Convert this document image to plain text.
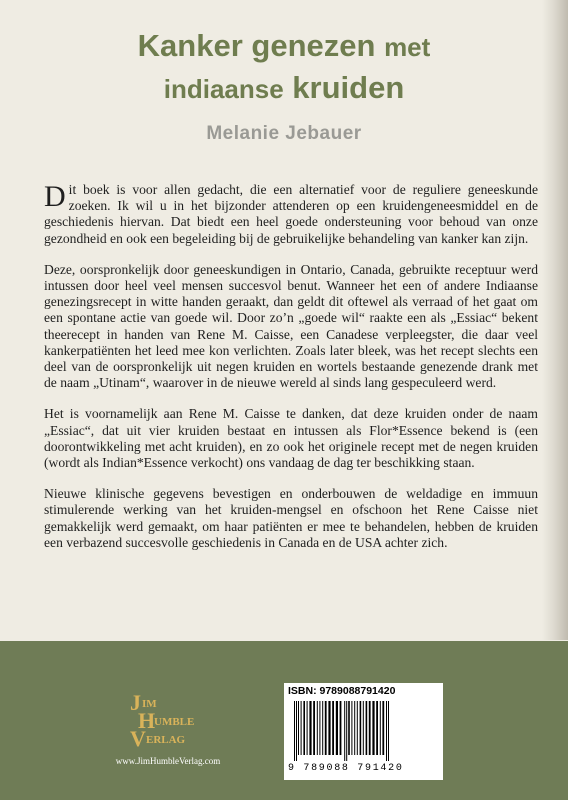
Kanker genezen met
indiaanse kruiden
Melanie Jebauer

Dit boek is voor allen gedacht, die een alternatief voor de reguliere geneeskunde zoeken. Ik wil u in het bijzonder attenderen op een kruidengeneesmiddel en de geschiedenis hiervan. Dat biedt een heel goede ondersteuning voor behoud van onze gezondheid en ook een begeleiding bij de gebruikelijke behandeling van kanker kan zijn.

Deze, oorspronkelijk door geneeskundigen in Ontario, Canada, gebruikte receptuur werd intussen door heel veel mensen succesvol benut. Wanneer het een of andere Indiaanse genezingsrecept in witte handen geraakt, dan geldt dit oftewel als verraad of het gaat om een spontane actie van goede wil. Door zo’n „goede wil“ raakte een als „Essiac“ bekent theerecept in handen van Rene M. Caisse, een Canadese verpleegster, die daar veel kankerpatiënten het leed mee kon verlichten. Zoals later bleek, was het recept slechts een deel van de oorspronkelijk uit negen kruiden en wortels bestaande genezende drank met de naam „Utinam“, waarover in de nieuwe wereld al sinds lang gespeculeerd werd.

Het is voornamelijk aan Rene M. Caisse te danken, dat deze kruiden onder de naam „Essiac“, dat uit vier kruiden bestaat en intussen als Flor*Essence bekend is (een doorontwikkeling met acht kruiden), en zo ook het originele recept met de negen kruiden (wordt als Indian*Essence verkocht) ons vandaag de dag ter beschikking staan.

Nieuwe klinische gegevens bevestigen en onderbouwen de weldadige en immuun stimulerende werking van het kruiden-mengsel en ofschoon het Rene Caisse niet gemakkelijk werd gemaakt, om haar patiënten er mee te behandelen, hebben de kruiden een verbazend succesvolle geschiedenis in Canada en de USA achter zich.

J IM
H
UMBLE
V ERLAG
www.JimHumbleVerlag.com
ISBN: 9789088791420
9 789088 791420
